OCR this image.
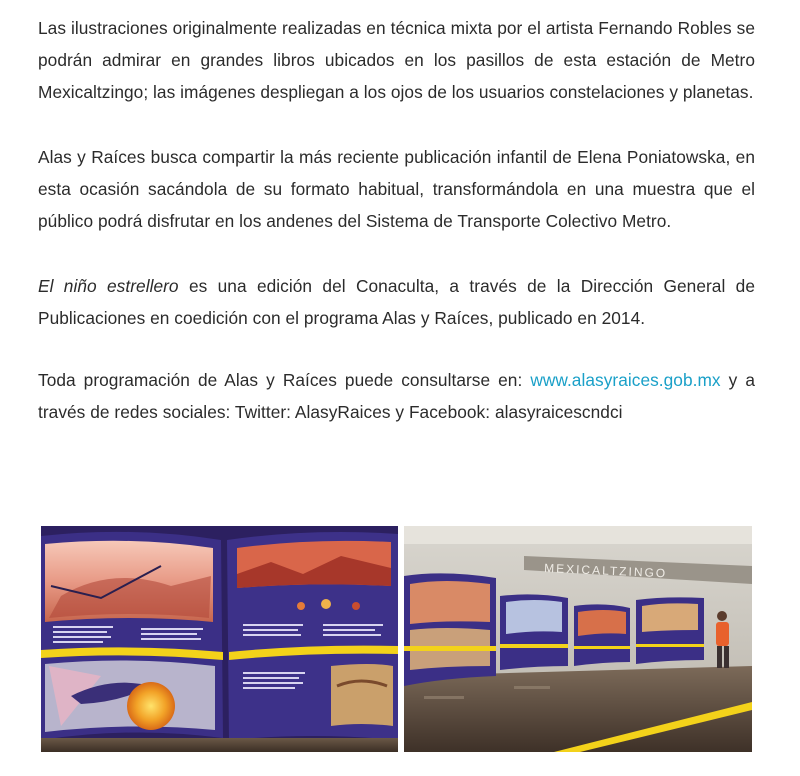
Las ilustraciones originalmente realizadas en técnica mixta por el artista Fernando Robles se podrán admirar en grandes libros ubicados en los pasillos de esta estación de Metro Mexicaltzingo; las imágenes despliegan a los ojos de los usuarios constelaciones y planetas.

Alas y Raíces busca compartir la más reciente publicación infantil de Elena Poniatowska, en esta ocasión sacándola de su formato habitual, transformándola en una muestra que el público podrá disfrutar en los andenes del Sistema de Transporte Colectivo Metro.

El niño estrellero es una edición del Conaculta, a través de la Dirección General de Publicaciones en coedición con el programa Alas y Raíces, publicado en 2014.

Toda programación de Alas y Raíces puede consultarse en: www.alasyraices.gob.mx y a través de redes sociales: Twitter: AlasyRaices y Facebook: alasyraicescndci

MEXICALTZINGO
